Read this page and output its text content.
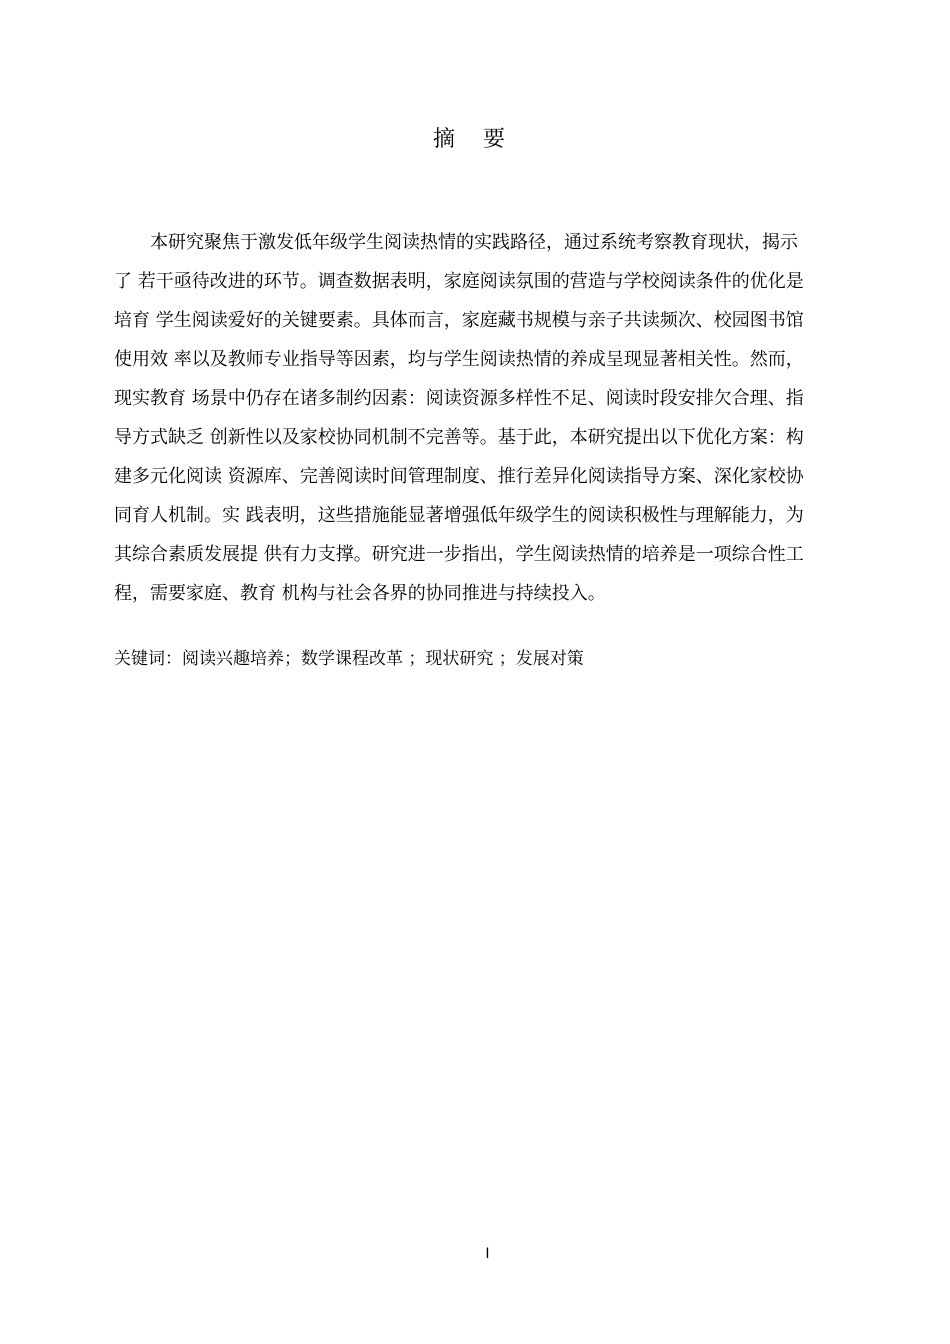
摘要

本研究聚焦于激发低年级学生阅读热情的实践路径，通过系统考察教育现状，揭示
了 若干亟待改进的环节。调查数据表明，家庭阅读氛围的营造与学校阅读条件的优化是
培育 学生阅读爱好的关键要素。具体而言，家庭藏书规模与亲子共读频次、校园图书馆
使用效 率以及教师专业指导等因素，均与学生阅读热情的养成呈现显著相关性。然而，
现实教育 场景中仍存在诸多制约因素：阅读资源多样性不足、阅读时段安排欠合理、指
导方式缺乏 创新性以及家校协同机制不完善等。基于此，本研究提出以下优化方案：构
建多元化阅读 资源库、完善阅读时间管理制度、推行差异化阅读指导方案、深化家校协
同育人机制。实 践表明，这些措施能显著增强低年级学生的阅读积极性与理解能力，为
其综合素质发展提 供有力支撑。研究进一步指出，学生阅读热情的培养是一项综合性工
程，需要家庭、教育 机构与社会各界的协同推进与持续投入。

关键词：阅读兴趣培养；数学课程改革 ；现状研究 ；发展对策

I
